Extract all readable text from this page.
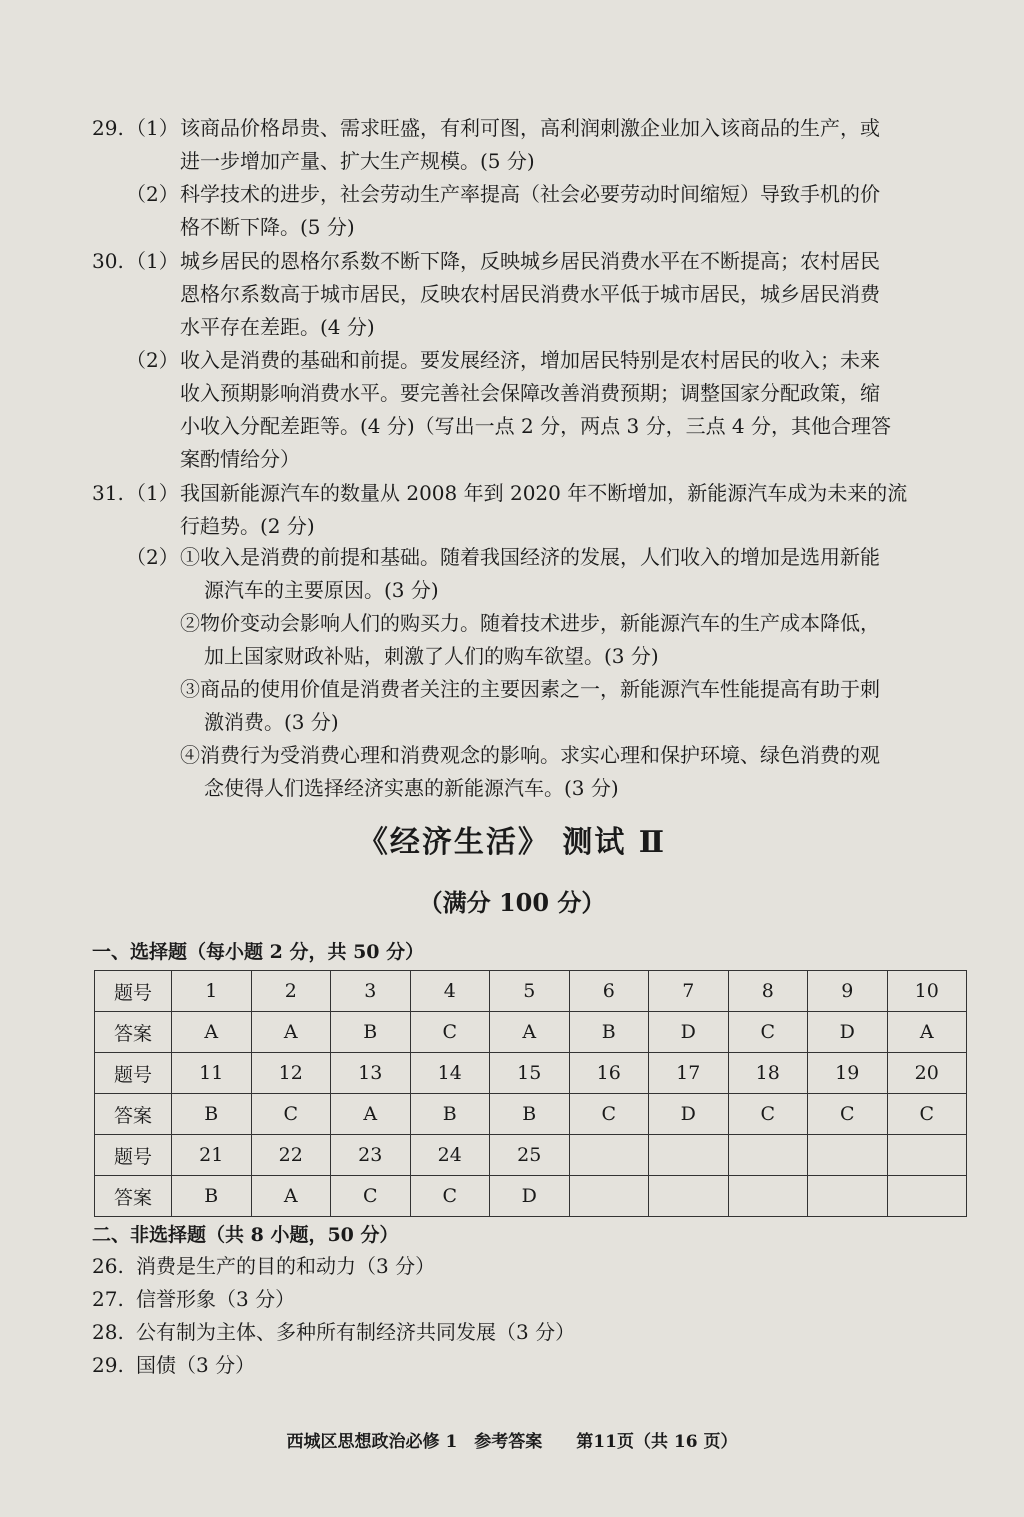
29. （1） 该商品价格昂贵、需求旺盛，有利可图，高利润刺激企业加入该商品的生产，或
进一步增加产量、扩大生产规模。(5 分)
（2） 科学技术的进步，社会劳动生产率提高（社会必要劳动时间缩短）导致手机的价
格不断下降。(5 分)
30. （1） 城乡居民的恩格尔系数不断下降，反映城乡居民消费水平在不断提高；农村居民
恩格尔系数高于城市居民，反映农村居民消费水平低于城市居民，城乡居民消费
水平存在差距。(4 分)
（2） 收入是消费的基础和前提。要发展经济，增加居民特别是农村居民的收入；未来
收入预期影响消费水平。要完善社会保障改善消费预期；调整国家分配政策，缩
小收入分配差距等。(4 分)（写出一点 2 分，两点 3 分，三点 4 分，其他合理答
案酌情给分）
31. （1） 我国新能源汽车的数量从 2008 年到 2020 年不断增加，新能源汽车成为未来的流
行趋势。(2 分)
（2） ①收入是消费的前提和基础。随着我国经济的发展，人们收入的增加是选用新能
源汽车的主要原因。(3 分)
②物价变动会影响人们的购买力。随着技术进步，新能源汽车的生产成本降低，
加上国家财政补贴，刺激了人们的购车欲望。(3 分)
③商品的使用价值是消费者关注的主要因素之一，新能源汽车性能提高有助于刺
激消费。(3 分)
④消费行为受消费心理和消费观念的影响。求实心理和保护环境、绿色消费的观
念使得人们选择经济实惠的新能源汽车。(3 分)
《经济生活》 测试 Ⅱ
（满分 100 分）
一、选择题（每小题 2 分，共 50 分）
题号	1	2	3	4	5	6	7	8	9	10
答案	A	A	B	C	A	B	D	C	D	A
题号	11	12	13	14	15	16	17	18	19	20
答案	B	C	A	B	B	C	D	C	C	C
题号	21	22	23	24	25					
答案	B	A	C	C	D					
二、非选择题（共 8 小题，50 分）
26. 消费是生产的目的和动力（3 分）
27. 信誉形象（3 分）
28. 公有制为主体、多种所有制经济共同发展（3 分）
29. 国债（3 分）
西城区思想政治必修 1　参考答案　　第11页（共 16 页）
